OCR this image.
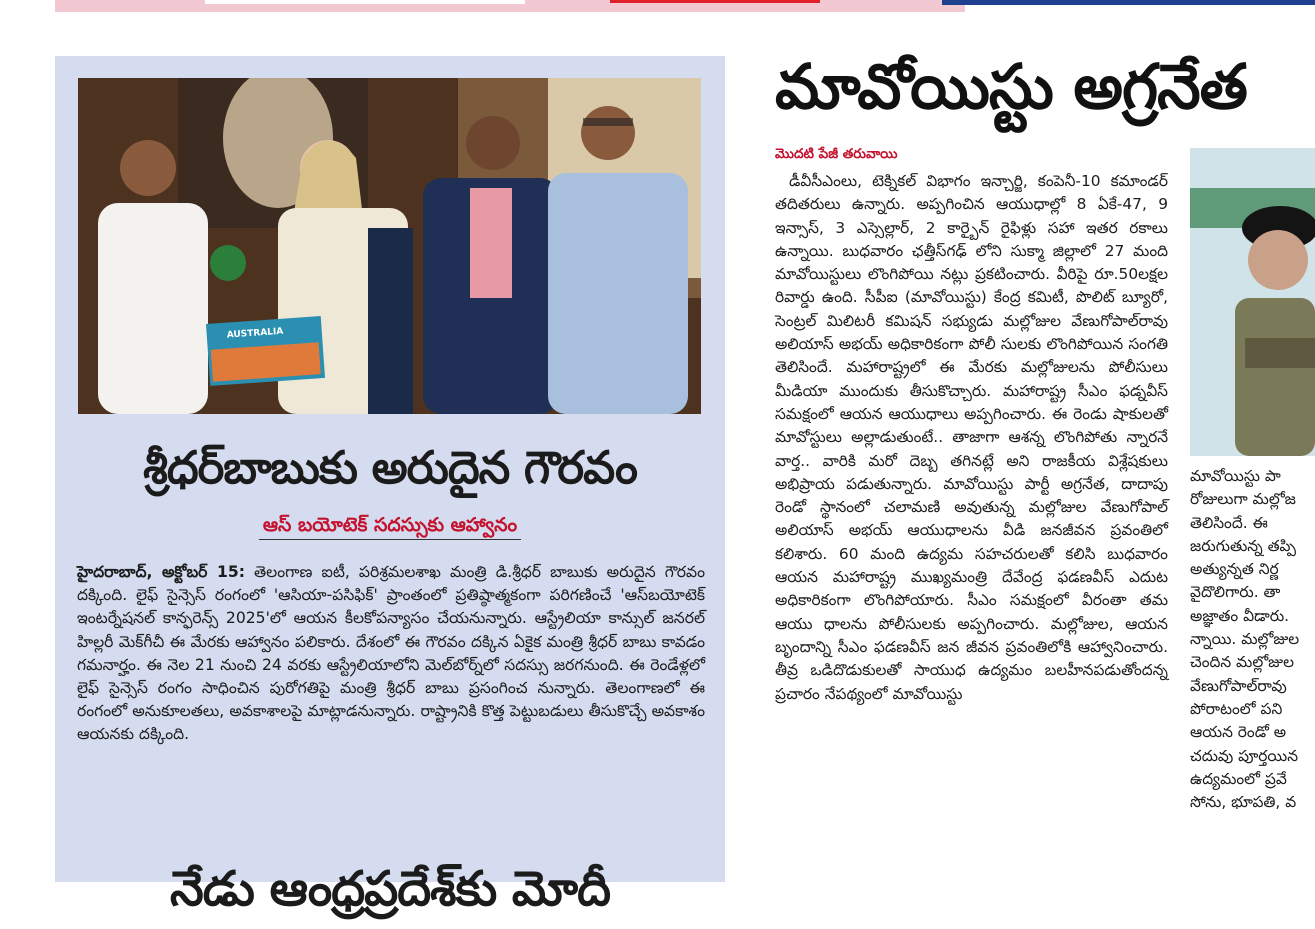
AUSTRALIA
శ్రీధర్‌బాబుకు అరుదైన గౌరవం
ఆస్ బయోటెక్ సదస్సుకు ఆహ్వానం
హైదరాబాద్, అక్టోబర్ 15: తెలంగాణ ఐటీ, పరిశ్రమలశాఖ మంత్రి డి.శ్రీధర్ బాబుకు అరుదైన గౌరవం దక్కింది. లైఫ్ సైన్సెస్ రంగంలో 'ఆసియా-పసిఫిక్' ప్రాంతంలో ప్రతిష్ఠాత్మకంగా పరిగణించే 'ఆస్‌బయోటెక్ ఇంటర్నేషనల్ కాన్ఫరెన్స్ 2025'లో ఆయన కీలకోపన్యాసం చేయనున్నారు. ఆస్ట్రేలియా కాన్సుల్ జనరల్ హిల్లరీ మెక్‌గీచీ ఈ మేరకు ఆహ్వానం పలికారు. దేశంలో ఈ గౌరవం దక్కిన ఏకైక మంత్రి శ్రీధర్ బాబు కావడం గమనార్హం. ఈ నెల 21 నుంచి 24 వరకు ఆస్ట్రేలియాలోని మెల్‌బోర్న్‌లో సదస్సు జరగనుంది. ఈ రెండేళ్లలో లైఫ్ సైన్సెస్ రంగం సాధించిన పురోగతిపై మంత్రి శ్రీధర్ బాబు ప్రసంగించ నున్నారు. తెలంగాణలో ఈ రంగంలో అనుకూలతలు, అవకాశాలపై మాట్లాడనున్నారు. రాష్ట్రానికి కొత్త పెట్టుబడులు తీసుకొచ్చే అవకాశం ఆయనకు దక్కింది.
నేడు ఆంధ్రప్రదేశ్‌కు మోదీ
మావోయిస్టు అగ్రనేత
మొదటి పేజీ తరువాయి
డీవీసీఎంలు, టెక్నికల్ విభాగం ఇన్చార్జి, కంపెనీ-10 కమాండర్ తదితరులు ఉన్నారు. అప్పగించిన ఆయుధాల్లో 8 ఏకే-47, 9 ఇన్సాస్, 3 ఎస్సెల్లార్, 2 కార్బైన్ రైఫిళ్లు సహా ఇతర రకాలు ఉన్నాయి. బుధవారం ఛత్తీస్‌గఢ్ లోని సుక్మా జిల్లాలో 27 మంది మావోయిస్టులు లొంగిపోయి నట్లు ప్రకటించారు. వీరిపై రూ.50లక్షల రివార్డు ఉంది. సీపీఐ (మావోయిస్టు) కేంద్ర కమిటీ, పొలిట్ బ్యూరో, సెంట్రల్ మిలిటరీ కమిషన్ సభ్యుడు మల్లోజుల వేణుగోపాల్‌రావు అలియాస్ అభయ్ అధికారికంగా పోలీ సులకు లొంగిపోయిన సంగతి తెలిసిందే. మహారాష్ట్రలో ఈ మేరకు మల్లోజులను పోలీసులు మీడియా ముందుకు తీసుకొచ్చారు. మహారాష్ట్ర సీఎం ఫడ్నవీస్ సమక్షంలో ఆయన ఆయుధాలు అప్పగించారు. ఈ రెండు షాకులతో మావోస్టులు అల్లాడుతుంటే.. తాజాగా ఆశన్న లొంగిపోతు న్నారనే వార్త.. వారికి మరో దెబ్బ తగినట్లే అని రాజకీయ విశ్లేషకులు అభిప్రాయ పడుతున్నారు. మావోయిస్టు పార్టీ అగ్రనేత, దాదాపు రెండో స్థానంలో చలామణి అవుతున్న మల్లోజుల వేణుగోపాల్ అలియాస్ అభయ్ ఆయుధాలను వీడి జనజీవన ప్రవంతిలో కలిశారు. 60 మంది ఉద్యమ సహచరులతో కలిసి బుధవారం ఆయన మహారాష్ట్ర ముఖ్యమంత్రి దేవేంద్ర ఫడణవీస్ ఎదుట అధికారికంగా లొంగిపోయారు. సీఎం సమక్షంలో వీరంతా తమ ఆయు ధాలను పోలీసులకు అప్పగించారు. మల్లోజుల, ఆయన బృందాన్ని సీఎం ఫడణవీస్ జన జీవన ప్రవంతిలోకి ఆహ్వానించారు. తీవ్ర ఒడిదొడుకులతో సాయుధ ఉద్యమం బలహీనపడుతోందన్న ప్రచారం నేపథ్యంలో మావోయిస్టు
మావోయిస్టు పా
రోజులుగా మల్లోజ
తెలిసిందే. ఈ
జరుగుతున్న తప్పి
అత్యున్నత నిర్ణ
వైదొలిగారు. తా
అజ్ఞాతం వీడారు.
న్నాయి. మల్లోజుల
చెందిన మల్లోజుల
వేణుగోపాల్‌రావు
పోరాటంలో పని
ఆయన రెండో అ
చదువు పూర్తయిన
ఉద్యమంలో ప్రవే
సోను, భూపతి, వ
